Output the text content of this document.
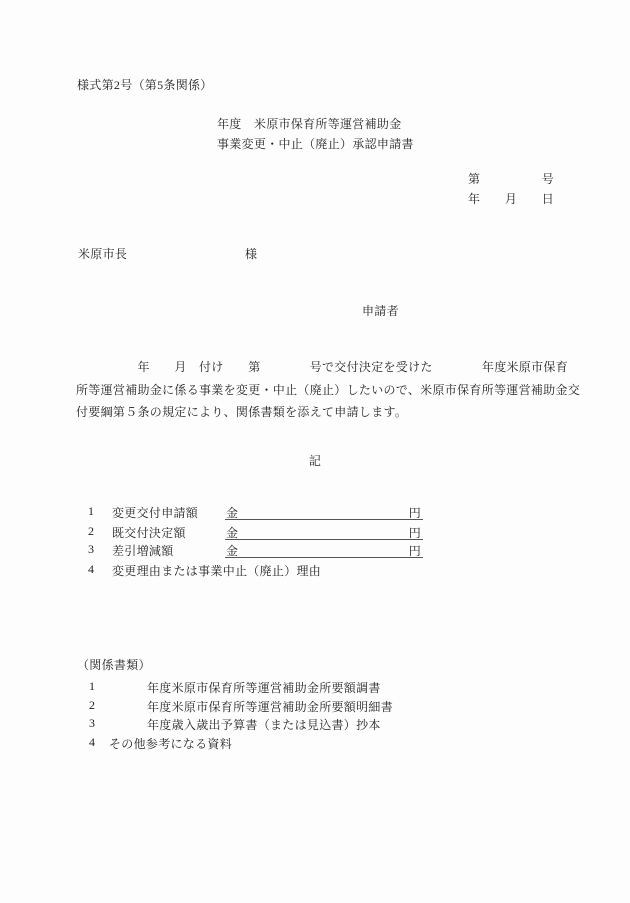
様式第2号（第5条関係）
年度　米原市保育所等運営補助金
事業変更・中止（廃止）承認申請書
第　　　　　号
年　　月　　日
米原市長	様
申請者
　　　　　年　　月　付け　　第　　　　号で交付決定を受けた　　　　年度米原市保育
所等運営補助金に係る事業を変更・中止（廃止）したいので、米原市保育所等運営補助金交
付要綱第５条の規定により、関係書類を添えて申請します。
記
1 変更交付申請額 金	円
2 既交付決定額	金	円
3 差引増減額	金	円
4 変更理由または事業中止（廃止）理由
（関係書類）
1	年度米原市保育所等運営補助金所要額調書
2	年度米原市保育所等運営補助金所要額明細書
3	年度歳入歳出予算書（または見込書）抄本
4 その他参考になる資料
